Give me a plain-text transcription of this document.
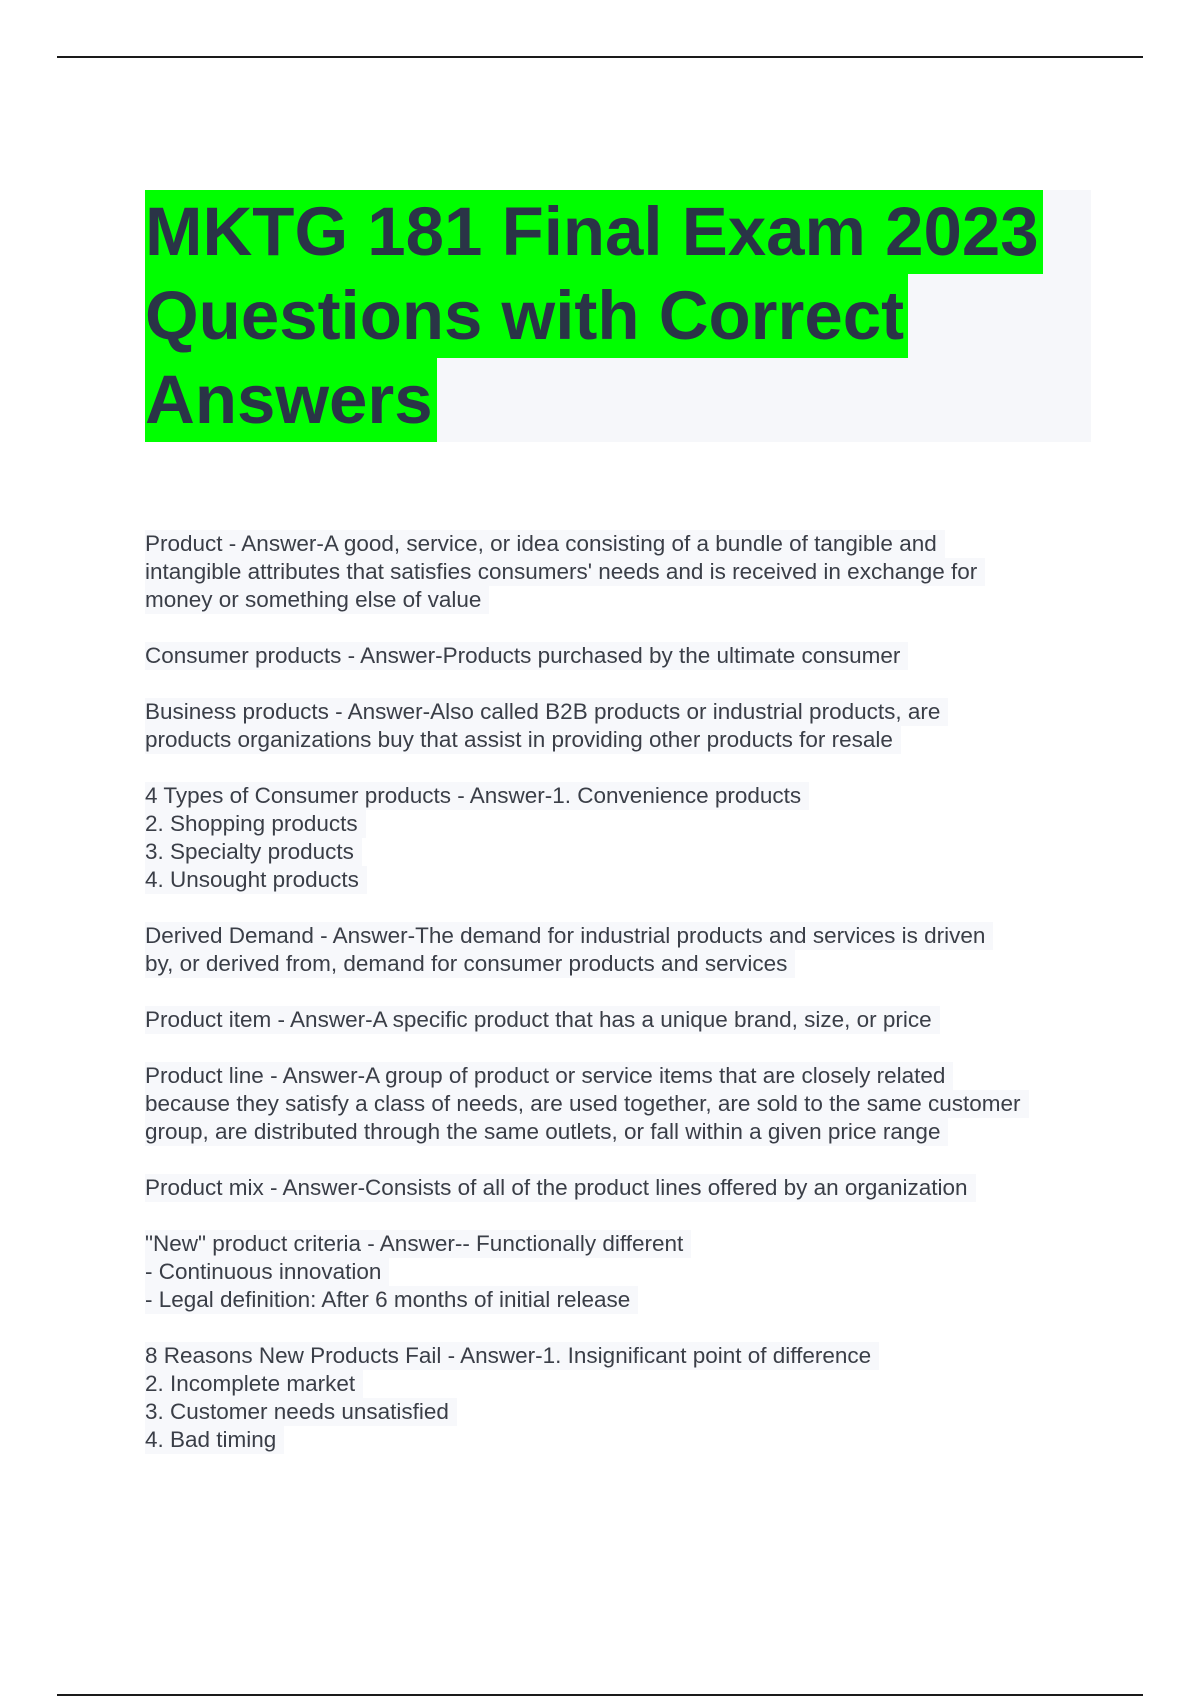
MKTG 181 Final Exam 2023
Questions with Correct
Answers
Product - Answer-A good, service, or idea consisting of a bundle of tangible and
intangible attributes that satisfies consumers' needs and is received in exchange for
money or something else of value
Consumer products - Answer-Products purchased by the ultimate consumer
Business products - Answer-Also called B2B products or industrial products, are
products organizations buy that assist in providing other products for resale
4 Types of Consumer products - Answer-1. Convenience products
2. Shopping products
3. Specialty products
4. Unsought products
Derived Demand - Answer-The demand for industrial products and services is driven
by, or derived from, demand for consumer products and services
Product item - Answer-A specific product that has a unique brand, size, or price
Product line - Answer-A group of product or service items that are closely related
because they satisfy a class of needs, are used together, are sold to the same customer
group, are distributed through the same outlets, or fall within a given price range
Product mix - Answer-Consists of all of the product lines offered by an organization
"New" product criteria - Answer-- Functionally different
- Continuous innovation
- Legal definition: After 6 months of initial release
8 Reasons New Products Fail - Answer-1. Insignificant point of difference
2. Incomplete market
3. Customer needs unsatisfied
4. Bad timing
